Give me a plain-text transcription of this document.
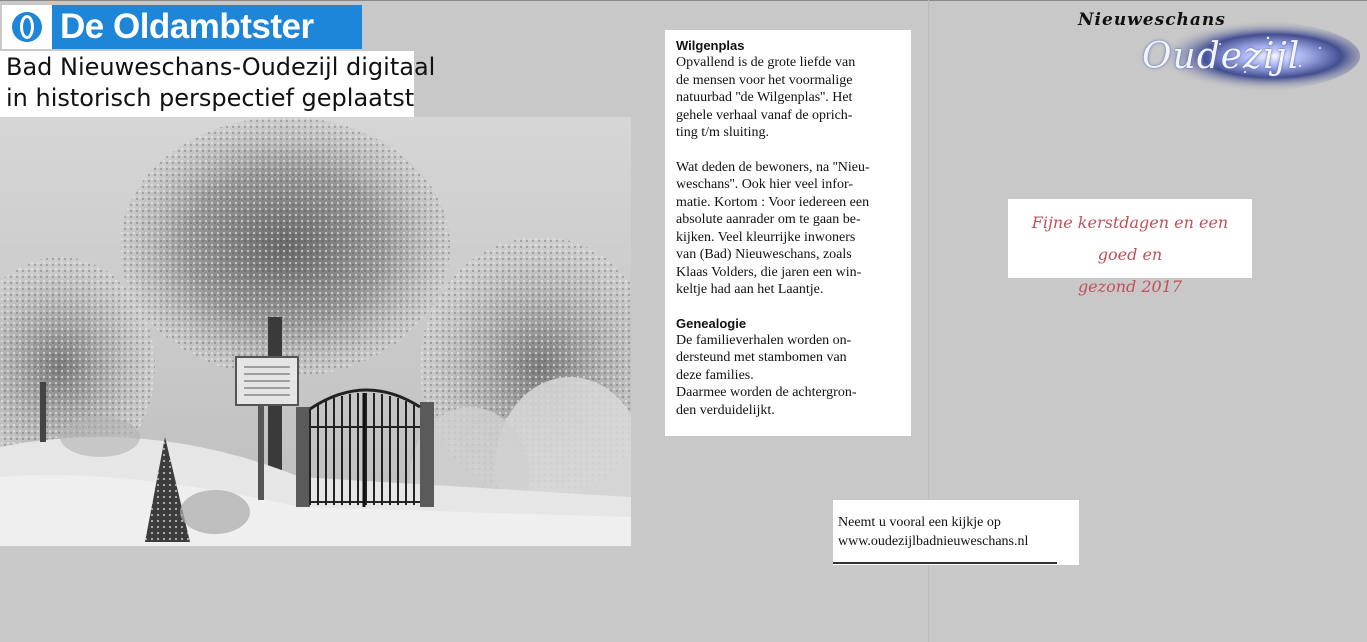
De Oldambtster
Bad Nieuweschans-Oudezijl digitaal
in historisch perspectief geplaatst
Wilgenplas

Opvallend is de grote liefde van
de mensen voor het voormalige
natuurbad ''de Wilgenplas''. Het
gehele verhaal vanaf de oprich-
ting t/m sluiting.

Wat deden de bewoners, na ''Nieu-
weschans''. Ook hier veel infor-
matie. Kortom : Voor iedereen een
absolute aanrader om te gaan be-
kijken. Veel kleurrijke inwoners
van (Bad) Nieuweschans, zoals
Klaas Volders, die jaren een win-
keltje had aan het Laantje.

Genealogie

De familieverhalen worden on-
dersteund met stambomen van
deze families.
Daarmee worden de achtergron-
den verduidelijkt.

Nieuweschans
Oudezijl
Fijne kerstdagen en een goed en
gezond 2017
Neemt u vooral een kijkje op
www.oudezijlbadnieuweschans.nl
